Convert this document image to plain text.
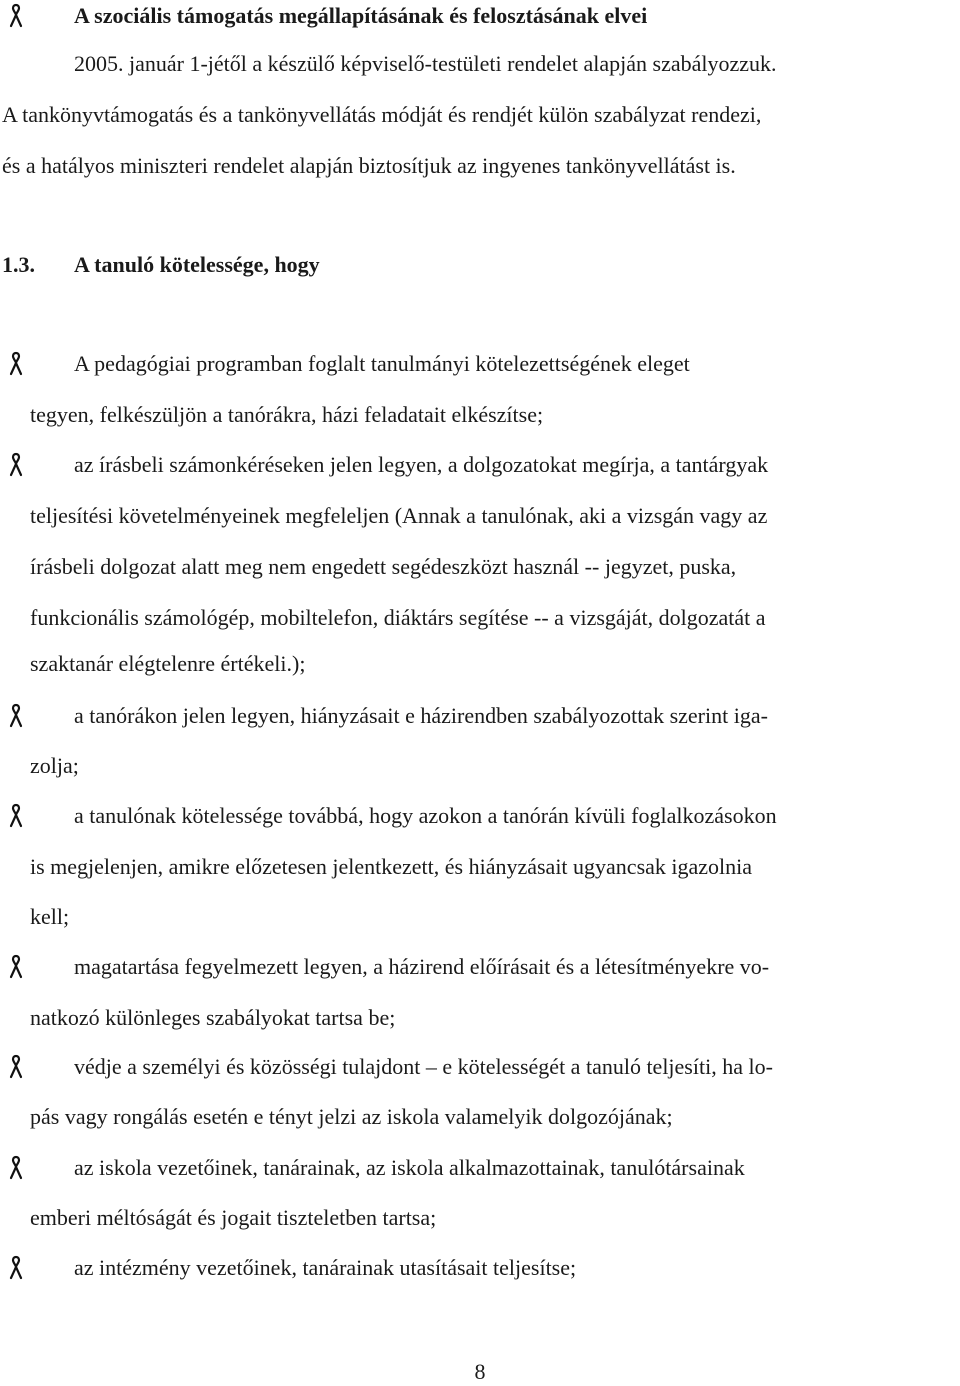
A szociális támogatás megállapításának és felosztásának elvei
2005. január 1-jétől a készülő képviselő-testületi rendelet alapján szabályozzuk.
A tankönyvtámogatás és a tankönyvellátás módját és rendjét külön szabályzat rendezi,
és a hatályos miniszteri rendelet alapján biztosítjuk az ingyenes tankönyvellátást is.
1.3. A tanuló kötelessége, hogy
A pedagógiai programban foglalt tanulmányi kötelezettségének eleget
tegyen, felkészüljön a tanórákra, házi feladatait elkészítse;
az írásbeli számonkéréseken jelen legyen, a dolgozatokat megírja, a tantárgyak
teljesítési követelményeinek megfeleljen (Annak a tanulónak, aki a vizsgán vagy az
írásbeli dolgozat alatt meg nem engedett segédeszközt használ -- jegyzet, puska,
funkcionális számológép, mobiltelefon, diáktárs segítése -- a vizsgáját, dolgozatát a
szaktanár elégtelenre értékeli.);
a tanórákon jelen legyen, hiányzásait e házirendben szabályozottak szerint iga-
zolja;
a tanulónak kötelessége továbbá, hogy azokon a tanórán kívüli foglalkozásokon
is megjelenjen, amikre előzetesen jelentkezett, és hiányzásait ugyancsak igazolnia
kell;
magatartása fegyelmezett legyen, a házirend előírásait és a létesítményekre vo-
natkozó különleges szabályokat tartsa be;
védje a személyi és közösségi tulajdont – e kötelességét a tanuló teljesíti, ha lo-
pás vagy rongálás esetén e tényt jelzi az iskola valamelyik dolgozójának;
az iskola vezetőinek, tanárainak, az iskola alkalmazottainak, tanulótársainak
emberi méltóságát és jogait tiszteletben tartsa;
az intézmény vezetőinek, tanárainak utasításait teljesítse;
8
